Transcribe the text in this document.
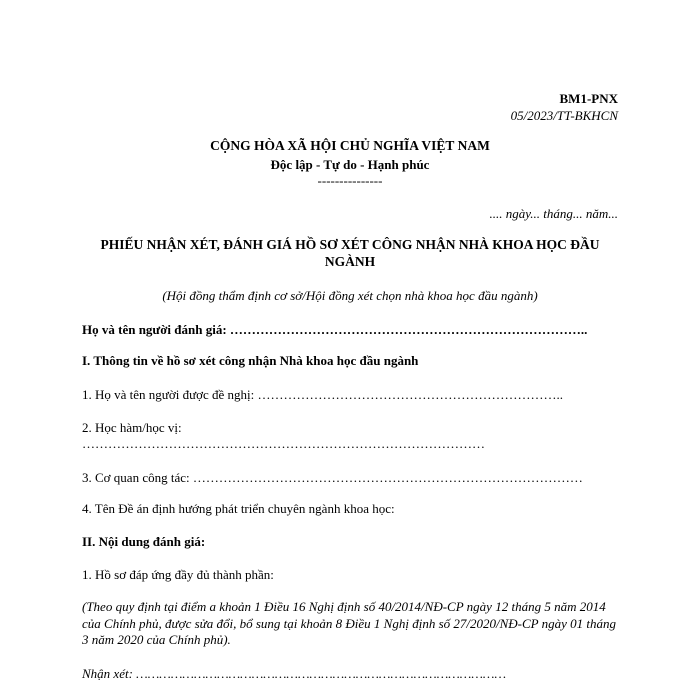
BM1-PNX
05/2023/TT-BKHCN
CỘNG HÒA XÃ HỘI CHỦ NGHĨA VIỆT NAM
Độc lập - Tự do - Hạnh phúc
---------------
.... ngày... tháng... năm...
PHIẾU NHẬN XÉT, ĐÁNH GIÁ HỒ SƠ XÉT CÔNG NHẬN NHÀ KHOA HỌC ĐẦU NGÀNH
(Hội đồng thẩm định cơ sở/Hội đồng xét chọn nhà khoa học đầu ngành)
Họ và tên người đánh giá: ………………………………………………………………………..
I. Thông tin về hồ sơ xét công nhận Nhà khoa học đầu ngành
1. Họ và tên người được đề nghị: ……………………………………………………………..
2. Học hàm/học vị:
…………………………………………………………………………………
3. Cơ quan công tác: ………………………………………………………………………………
4. Tên Đề án định hướng phát triển chuyên ngành khoa học:
II. Nội dung đánh giá:
1. Hồ sơ đáp ứng đầy đủ thành phần:
(Theo quy định tại điểm a khoản 1 Điều 16 Nghị định số 40/2014/NĐ-CP ngày 12 tháng 5 năm 2014 của Chính phủ, được sửa đổi, bổ sung tại khoản 8 Điều 1 Nghị định số 27/2020/NĐ-CP ngày 01 tháng 3 năm 2020 của Chính phủ).
Nhận xét: ……………………………………………………………………………………
